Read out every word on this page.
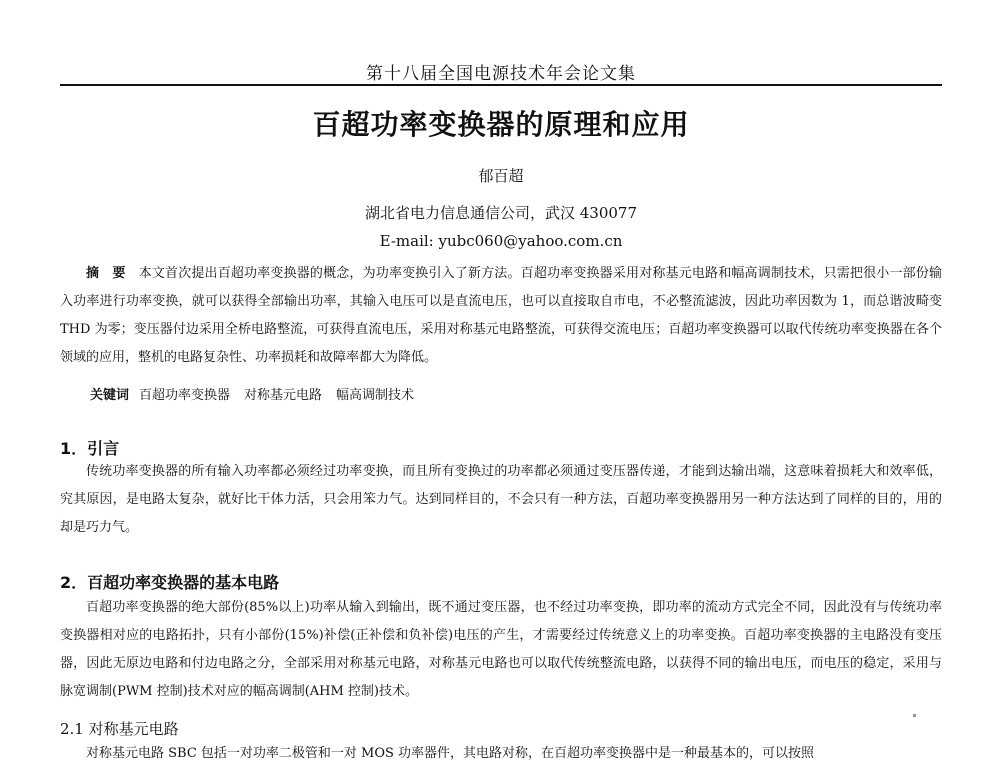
第十八届全国电源技术年会论文集
百超功率变换器的原理和应用
郁百超
湖北省电力信息通信公司，武汉 430077
E-mail: yubc060@yahoo.com.cn

摘　要　 本文首次提出百超功率变换器的概念，为功率变换引入了新方法。百超功率变换器采用对称基元电路和幅高调制技术，只需把很小一部份输入功率进行功率变换，就可以获得全部输出功率，其输入电压可以是直流电压，也可以直接取自市电，不必整流滤波，因此功率因数为 1，而总谐波畸变 THD 为零；变压器付边采用全桥电路整流，可获得直流电压，采用对称基元电路整流，可获得交流电压；百超功率变换器可以取代传统功率变换器在各个领域的应用，整机的电路复杂性、功率损耗和故障率都大为降低。

关键词 百超功率变换器 对称基元电路 幅高调制技术
1．引言

传统功率变换器的所有输入功率都必须经过功率变换，而且所有变换过的功率都必须通过变压器传递，才能到达输出端，这意味着损耗大和效率低，究其原因，是电路太复杂，就好比干体力活，只会用笨力气。达到同样目的，不会只有一种方法，百超功率变换器用另一种方法达到了同样的目的，用的却是巧力气。

2．百超功率变换器的基本电路

百超功率变换器的绝大部份(85%以上)功率从输入到输出，既不通过变压器，也不经过功率变换，即功率的流动方式完全不同，因此没有与传统功率变换器相对应的电路拓扑，只有小部份(15%)补偿(正补偿和负补偿)电压的产生，才需要经过传统意义上的功率变换。百超功率变换器的主电路没有变压器，因此无原边电路和付边电路之分，全部采用对称基元电路，对称基元电路也可以取代传统整流电路，以获得不同的输出电压，而电压的稳定，采用与脉宽调制(PWM 控制)技术对应的幅高调制(AHM 控制)技术。

2.1 对称基元电路

对称基元电路 SBC 包括一对功率二极管和一对 MOS 功率器件，其电路对称，在百超功率变换器中是一种最基本的，可以按照
